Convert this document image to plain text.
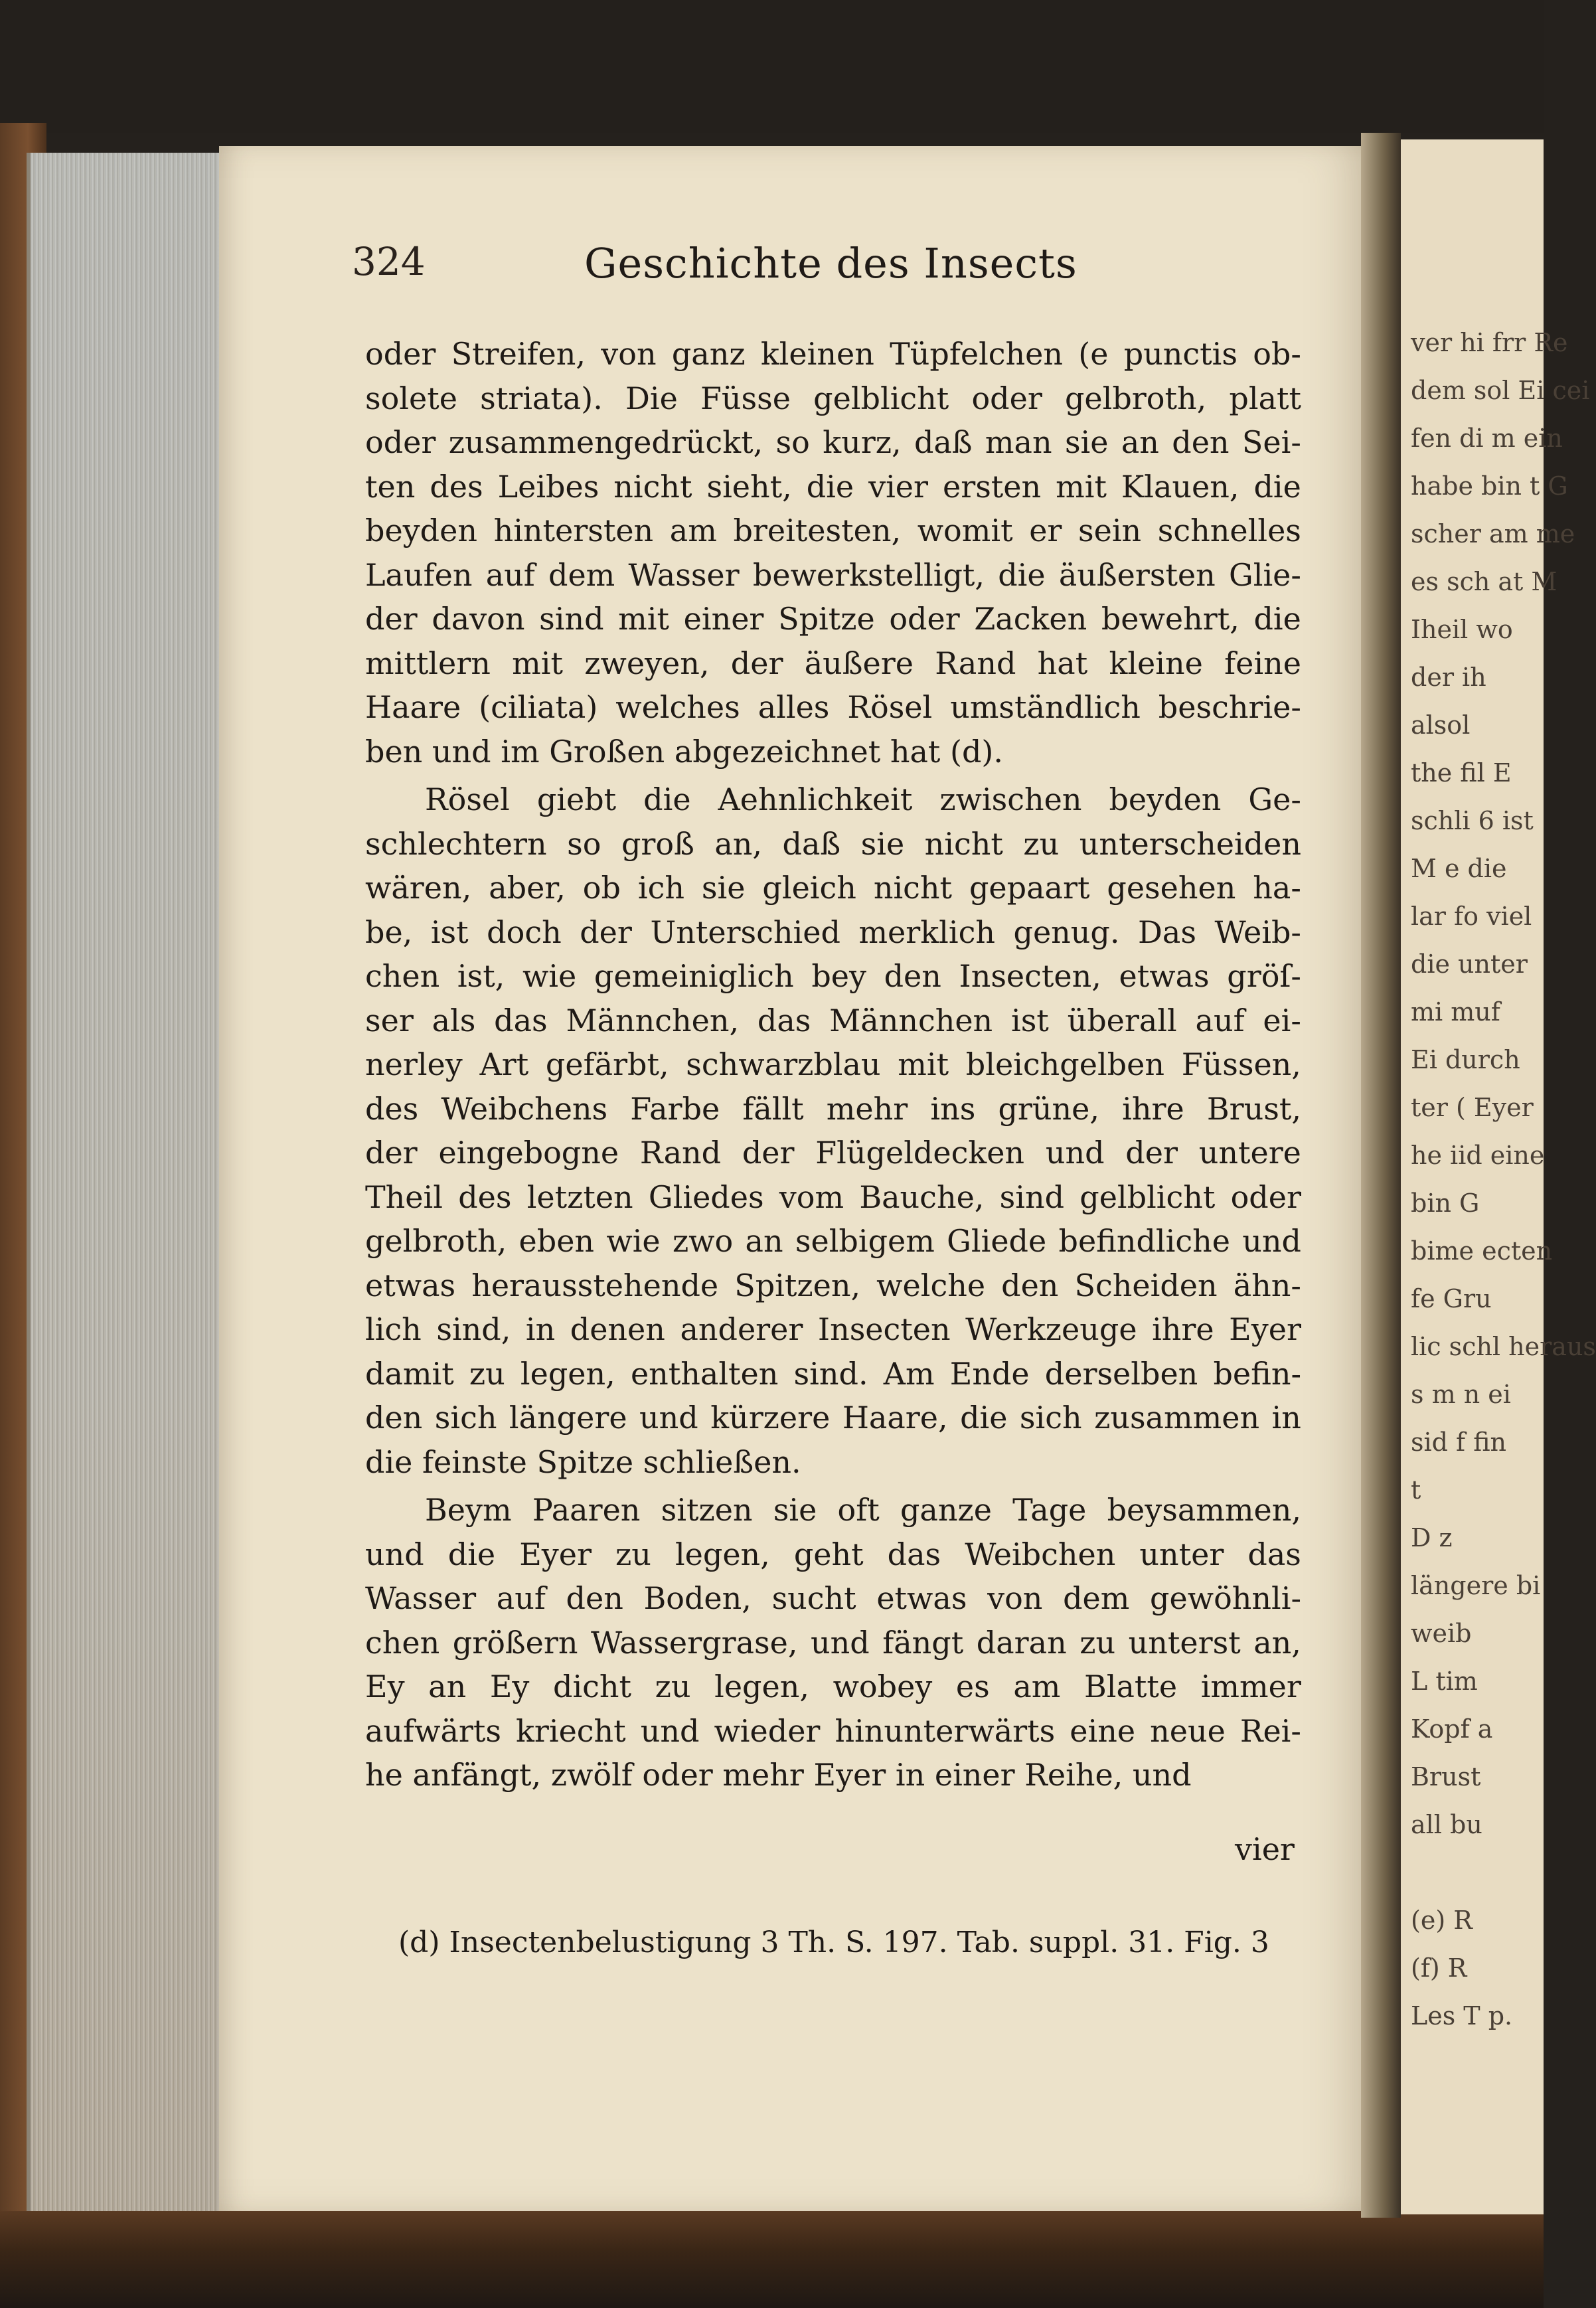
ver hi frr Re
dem sol Ei cei
fen di m ein
habe bin t G
scher am me
es sch at M
Iheil wo
der ih
alsol
the fil E
schli 6 ist
M e die
lar fo viel
die unter
mi muf
Ei durch
ter ( Eyer
he iid eine
bin G
bime ecten
fe Gru
lic schl heraus
s m n ei
sid f fin
t
D z
längere bi
weib
L tim
Kopf a
Brust
all bu
(e) R
(f) R
Les T p.
324	Geschichte des Insects
oder Streifen, von ganz kleinen Tüpfelchen (e punctis ob-
solete striata). Die Füsse gelblicht oder gelbroth, platt
oder zusammengedrückt, so kurz, daß man sie an den Sei-
ten des Leibes nicht sieht, die vier ersten mit Klauen, die
beyden hintersten am breitesten, womit er sein schnelles
Laufen auf dem Wasser bewerkstelligt, die äußersten Glie-
der davon sind mit einer Spitze oder Zacken bewehrt, die
mittlern mit zweyen, der äußere Rand hat kleine feine
Haare (ciliata) welches alles Rösel umständlich beschrie-
ben und im Großen abgezeichnet hat (d).
Rösel giebt die Aehnlichkeit zwischen beyden Ge-
schlechtern so groß an, daß sie nicht zu unterscheiden
wären, aber, ob ich sie gleich nicht gepaart gesehen ha-
be, ist doch der Unterschied merklich genug. Das Weib-
chen ist, wie gemeiniglich bey den Insecten, etwas gröſ-
ser als das Männchen, das Männchen ist überall auf ei-
nerley Art gefärbt, schwarzblau mit bleichgelben Füssen,
des Weibchens Farbe fällt mehr ins grüne, ihre Brust,
der eingebogne Rand der Flügeldecken und der untere
Theil des letzten Gliedes vom Bauche, sind gelblicht oder
gelbroth, eben wie zwo an selbigem Gliede befindliche und
etwas herausstehende Spitzen, welche den Scheiden ähn-
lich sind, in denen anderer Insecten Werkzeuge ihre Eyer
damit zu legen, enthalten sind. Am Ende derselben befin-
den sich längere und kürzere Haare, die sich zusammen in
die feinste Spitze schließen.
Beym Paaren sitzen sie oft ganze Tage beysammen,
und die Eyer zu legen, geht das Weibchen unter das
Wasser auf den Boden, sucht etwas von dem gewöhnli-
chen größern Wassergrase, und fängt daran zu unterst an,
Ey an Ey dicht zu legen, wobey es am Blatte immer
aufwärts kriecht und wieder hinunterwärts eine neue Rei-
he anfängt, zwölf oder mehr Eyer in einer Reihe, und
vier
(d) Insectenbelustigung 3 Th. S. 197. Tab. suppl. 31. Fig. 3
